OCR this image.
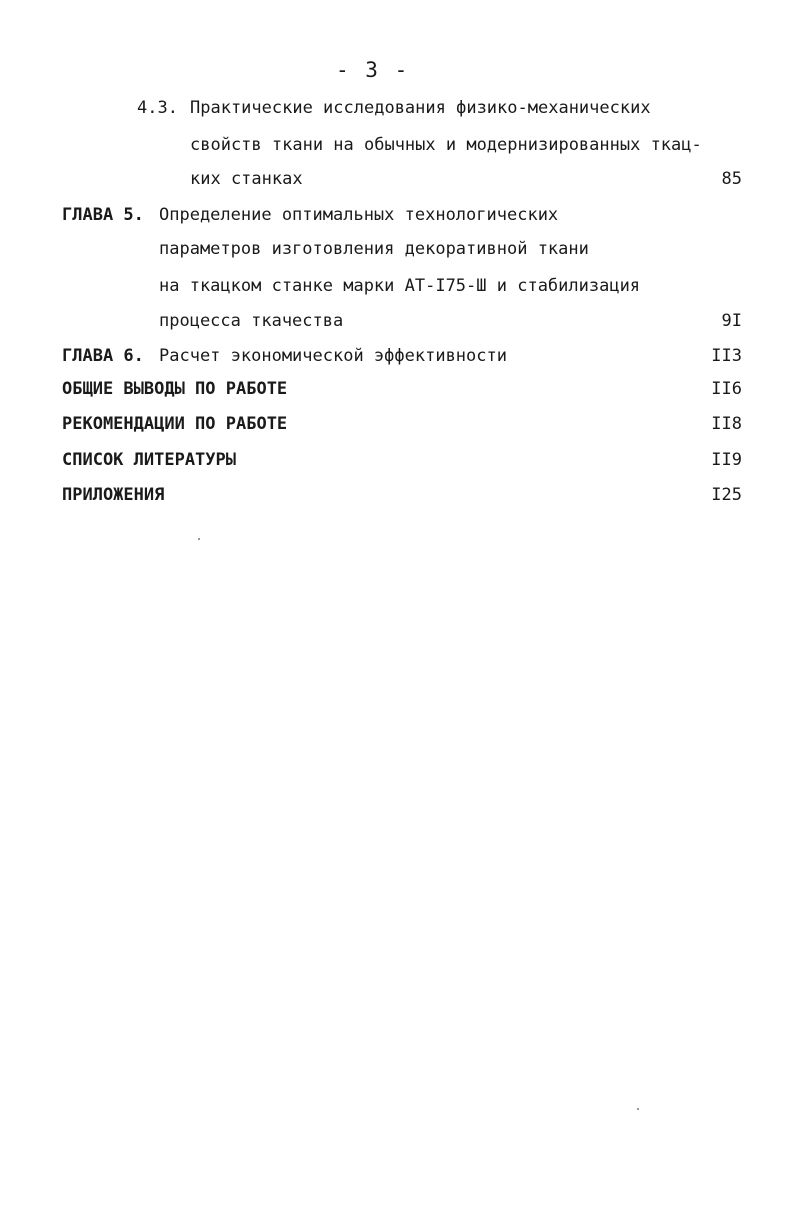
- 3 -
4.3. Практические исследования физико-механических
свойств ткани на обычных и модернизированных ткац-
ких станках	85
ГЛАВА 5. Определение оптимальных технологических
параметров изготовления декоративной ткани
на ткацком станке марки АТ-I75-Ш и стабилизация
процесса ткачества	9I
ГЛАВА 6. Расчет экономической эффективности	II3
ОБЩИЕ ВЫВОДЫ ПО РАБОТЕ	II6
РЕКОМЕНДАЦИИ ПО РАБОТЕ	II8
СПИСОК ЛИТЕРАТУРЫ	II9
ПРИЛОЖЕНИЯ	I25
